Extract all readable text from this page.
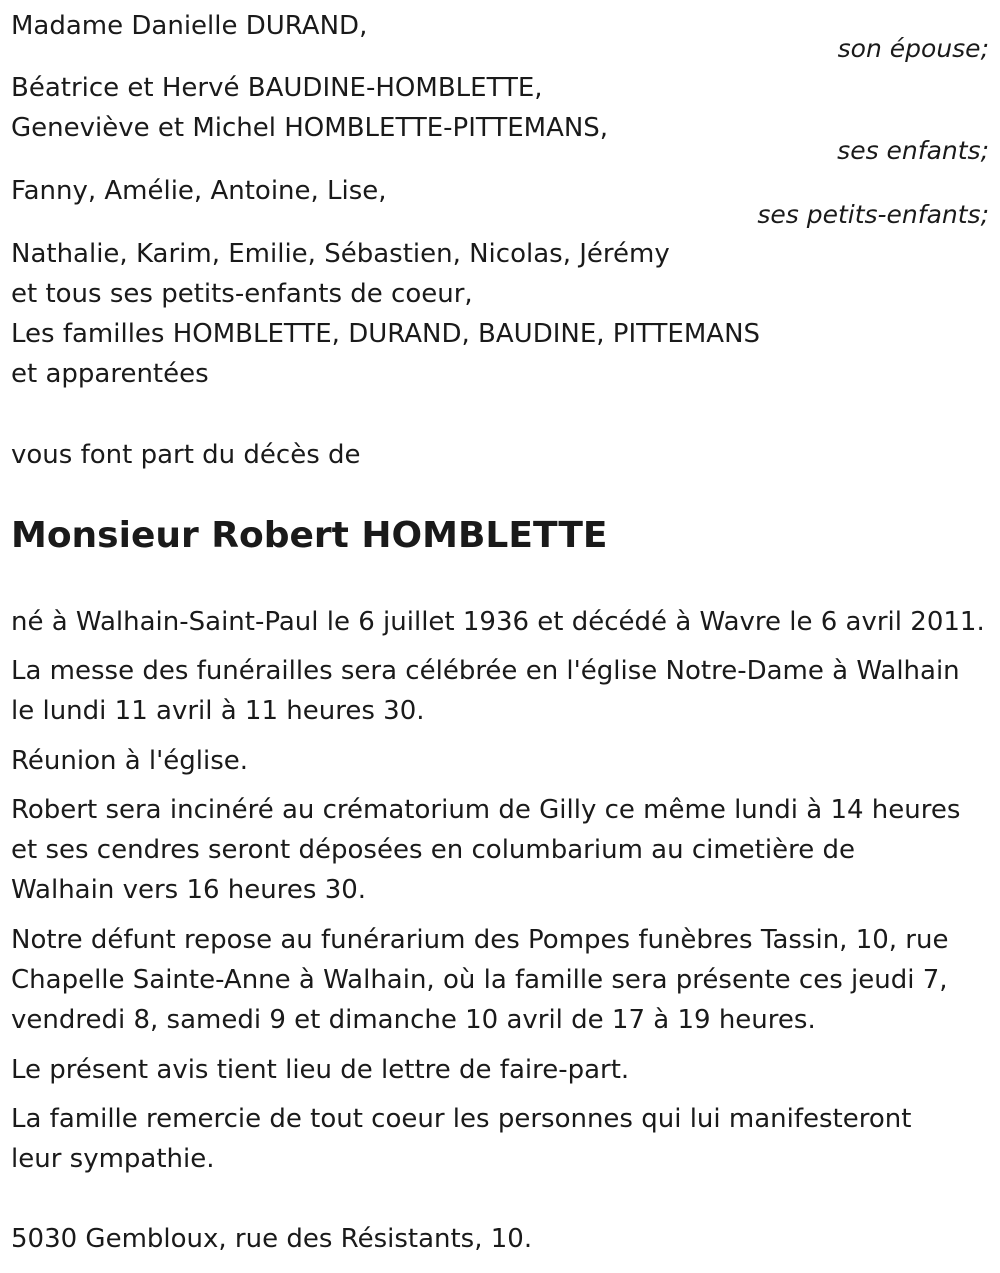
Madame Danielle DURAND,
son épouse;
Béatrice et Hervé BAUDINE-HOMBLETTE,
Geneviève et Michel HOMBLETTE-PITTEMANS,
ses enfants;
Fanny, Amélie, Antoine, Lise,
ses petits-enfants;
Nathalie, Karim, Emilie, Sébastien, Nicolas, Jérémy
et tous ses petits-enfants de coeur,
Les familles HOMBLETTE, DURAND, BAUDINE, PITTEMANS
et apparentées
vous font part du décès de
Monsieur Robert HOMBLETTE
né à Walhain-Saint-Paul le 6 juillet 1936 et décédé à Wavre le 6 avril 2011.
La messe des funérailles sera célébrée en l'église Notre-Dame à Walhain
le lundi 11 avril à 11 heures 30.
Réunion à l'église.
Robert sera incinéré au crématorium de Gilly ce même lundi à 14 heures
et ses cendres seront déposées en columbarium au cimetière de
Walhain vers 16 heures 30.
Notre défunt repose au funérarium des Pompes funèbres Tassin, 10, rue
Chapelle Sainte-Anne à Walhain, où la famille sera présente ces jeudi 7,
vendredi 8, samedi 9 et dimanche 10 avril de 17 à 19 heures.
Le présent avis tient lieu de lettre de faire-part.
La famille remercie de tout coeur les personnes qui lui manifesteront
leur sympathie.
5030 Gembloux, rue des Résistants, 10.
